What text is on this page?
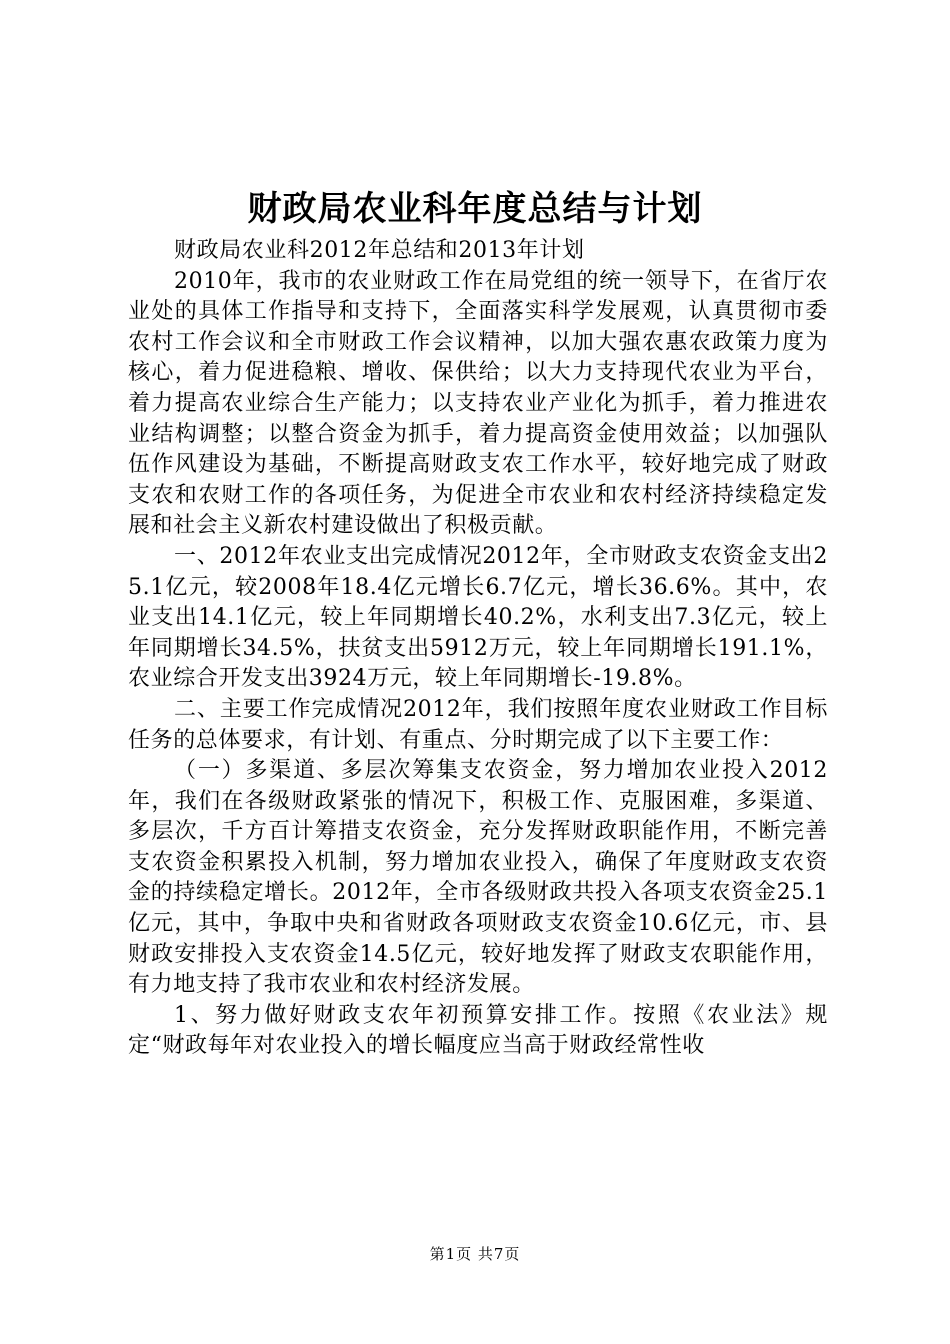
财政局农业科年度总结与计划

财政局农业科2012年总结和2013年计划

2010年，我市的农业财政工作在局党组的统一领导下，在省厅农业处的具体工作指导和支持下，全面落实科学发展观，认真贯彻市委农村工作会议和全市财政工作会议精神，以加大强农惠农政策力度为核心，着力促进稳粮、增收、保供给；以大力支持现代农业为平台，着力提高农业综合生产能力；以支持农业产业化为抓手，着力推进农业结构调整；以整合资金为抓手，着力提高资金使用效益；以加强队伍作风建设为基础，不断提高财政支农工作水平，较好地完成了财政支农和农财工作的各项任务，为促进全市农业和农村经济持续稳定发展和社会主义新农村建设做出了积极贡献。

一、2012年农业支出完成情况2012年，全市财政支农资金支出25.1亿元，较2008年18.4亿元增长6.7亿元，增长36.6%。其中，农业支出14.1亿元，较上年同期增长40.2%，水利支出7.3亿元，较上年同期增长34.5%，扶贫支出5912万元，较上年同期增长191.1%，农业综合开发支出3924万元，较上年同期增长-19.8%。

二、主要工作完成情况2012年，我们按照年度农业财政工作目标任务的总体要求，有计划、有重点、分时期完成了以下主要工作：

（一）多渠道、多层次筹集支农资金，努力增加农业投入2012年，我们在各级财政紧张的情况下，积极工作、克服困难，多渠道、多层次，千方百计筹措支农资金，充分发挥财政职能作用，不断完善支农资金积累投入机制，努力增加农业投入，确保了年度财政支农资金的持续稳定增长。2012年，全市各级财政共投入各项支农资金25.1亿元，其中，争取中央和省财政各项财政支农资金10.6亿元，市、县财政安排投入支农资金14.5亿元，较好地发挥了财政支农职能作用，有力地支持了我市农业和农村经济发展。

1、努力做好财政支农年初预算安排工作。按照《农业法》规定“财政每年对农业投入的增长幅度应当高于财政经常性收

第1页 共7页
